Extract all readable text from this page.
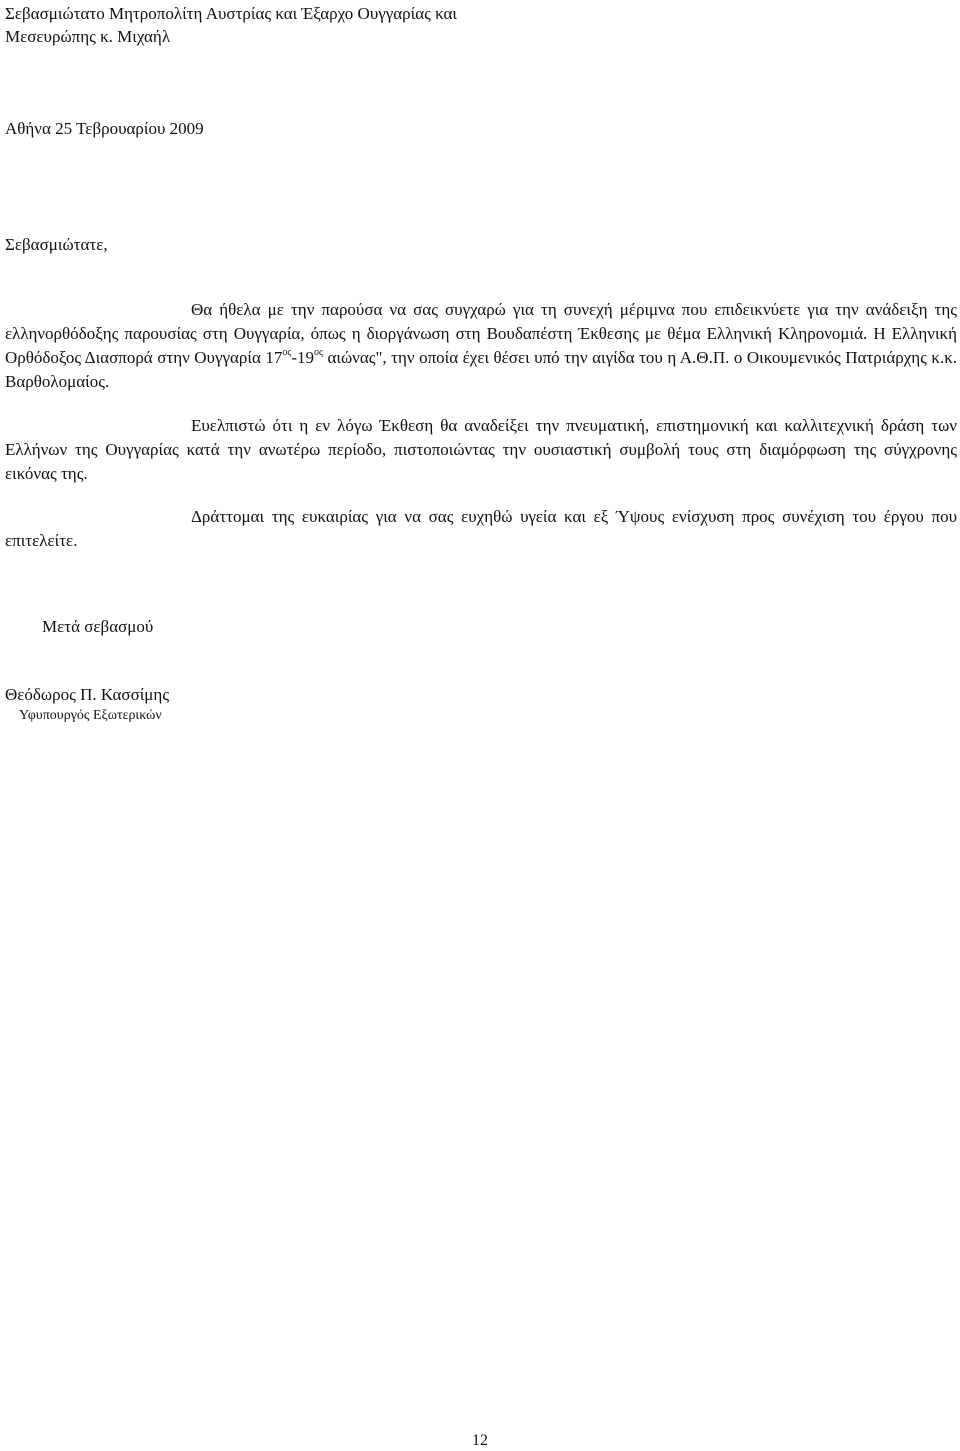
Σεβασμιώτατο Μητροπολίτη Αυστρίας και Έξαρχο Ουγγαρίας και
Μεσευρώπης κ. Μιχαήλ

Αθήνα 25 Τεβρουαρίου 2009

Σεβασμιώτατε,

Θα ήθελα με την παρούσα να σας συγχαρώ για τη συνεχή μέριμνα που επιδεικνύετε για την ανάδειξη της ελληνορθόδοξης παρουσίας στη Ουγγαρία, όπως η διοργάνωση στη Βουδαπέστη Έκθεσης με θέμα Ελληνική Κληρονομιά. Η Ελληνική Ορθόδοξος Διασπορά στην Ουγγαρία $17^{o\varsigma}-19^{o\varsigma}$ αιώνας", την οποία έχει θέσει υπό την αιγίδα του η Α.Θ.Π. ο Οικουμενικός Πατριάρχης κ.κ. Βαρθολομαίος.

Ευελπιστώ ότι η εν λόγω Έκθεση θα αναδείξει την πνευματική, επιστημονική και καλλιτεχνική δράση των Ελλήνων της Ουγγαρίας κατά την ανωτέρω περίοδο, πιστοποιώντας την ουσιαστική συμβολή τους στη διαμόρφωση της σύγχρονης εικόνας της.

Δράττομαι της ευκαιρίας για να σας ευχηθώ υγεία και εξ Ύψους ενίσχυση προς συνέχιση του έργου που επιτελείτε.

Μετά σεβασμού

Θεόδωρος Π. Κασσίμης

Υφυπουργός Εξωτερικών

12
